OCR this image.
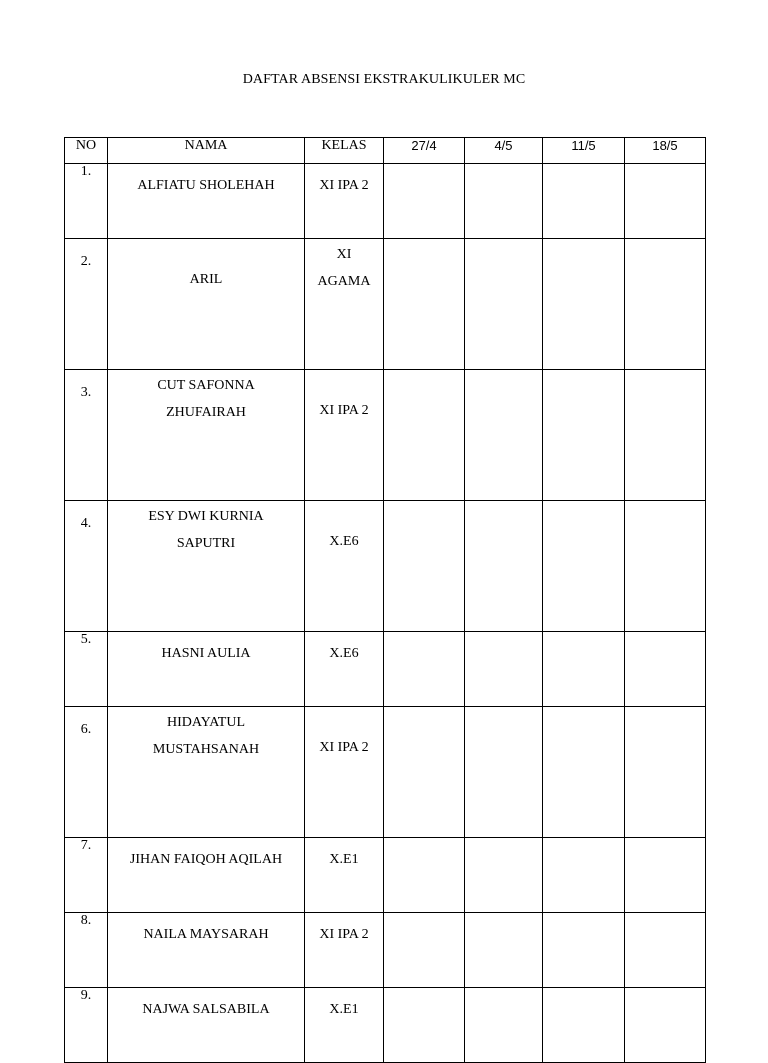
DAFTAR ABSENSI EKSTRAKULIKULER MC
NO	NAMA	KELAS	27/4	4/5	11/5	18/5
1.	ALFIATU SHOLEHAH	XI IPA 2				

2.	ARIL	XI
AGAMA				

3.	CUT SAFONNA
ZHUFAIRAH	XI IPA 2				

4.	ESY DWI KURNIA
SAPUTRI	X.E6				

5.	HASNI AULIA	X.E6				

6.	HIDAYATUL
MUSTAHSANAH	XI IPA 2				

7.	JIHAN FAIQOH AQILAH	X.E1				

8.	NAILA MAYSARAH	XI IPA 2				

9.	NAJWA SALSABILA	X.E1				
